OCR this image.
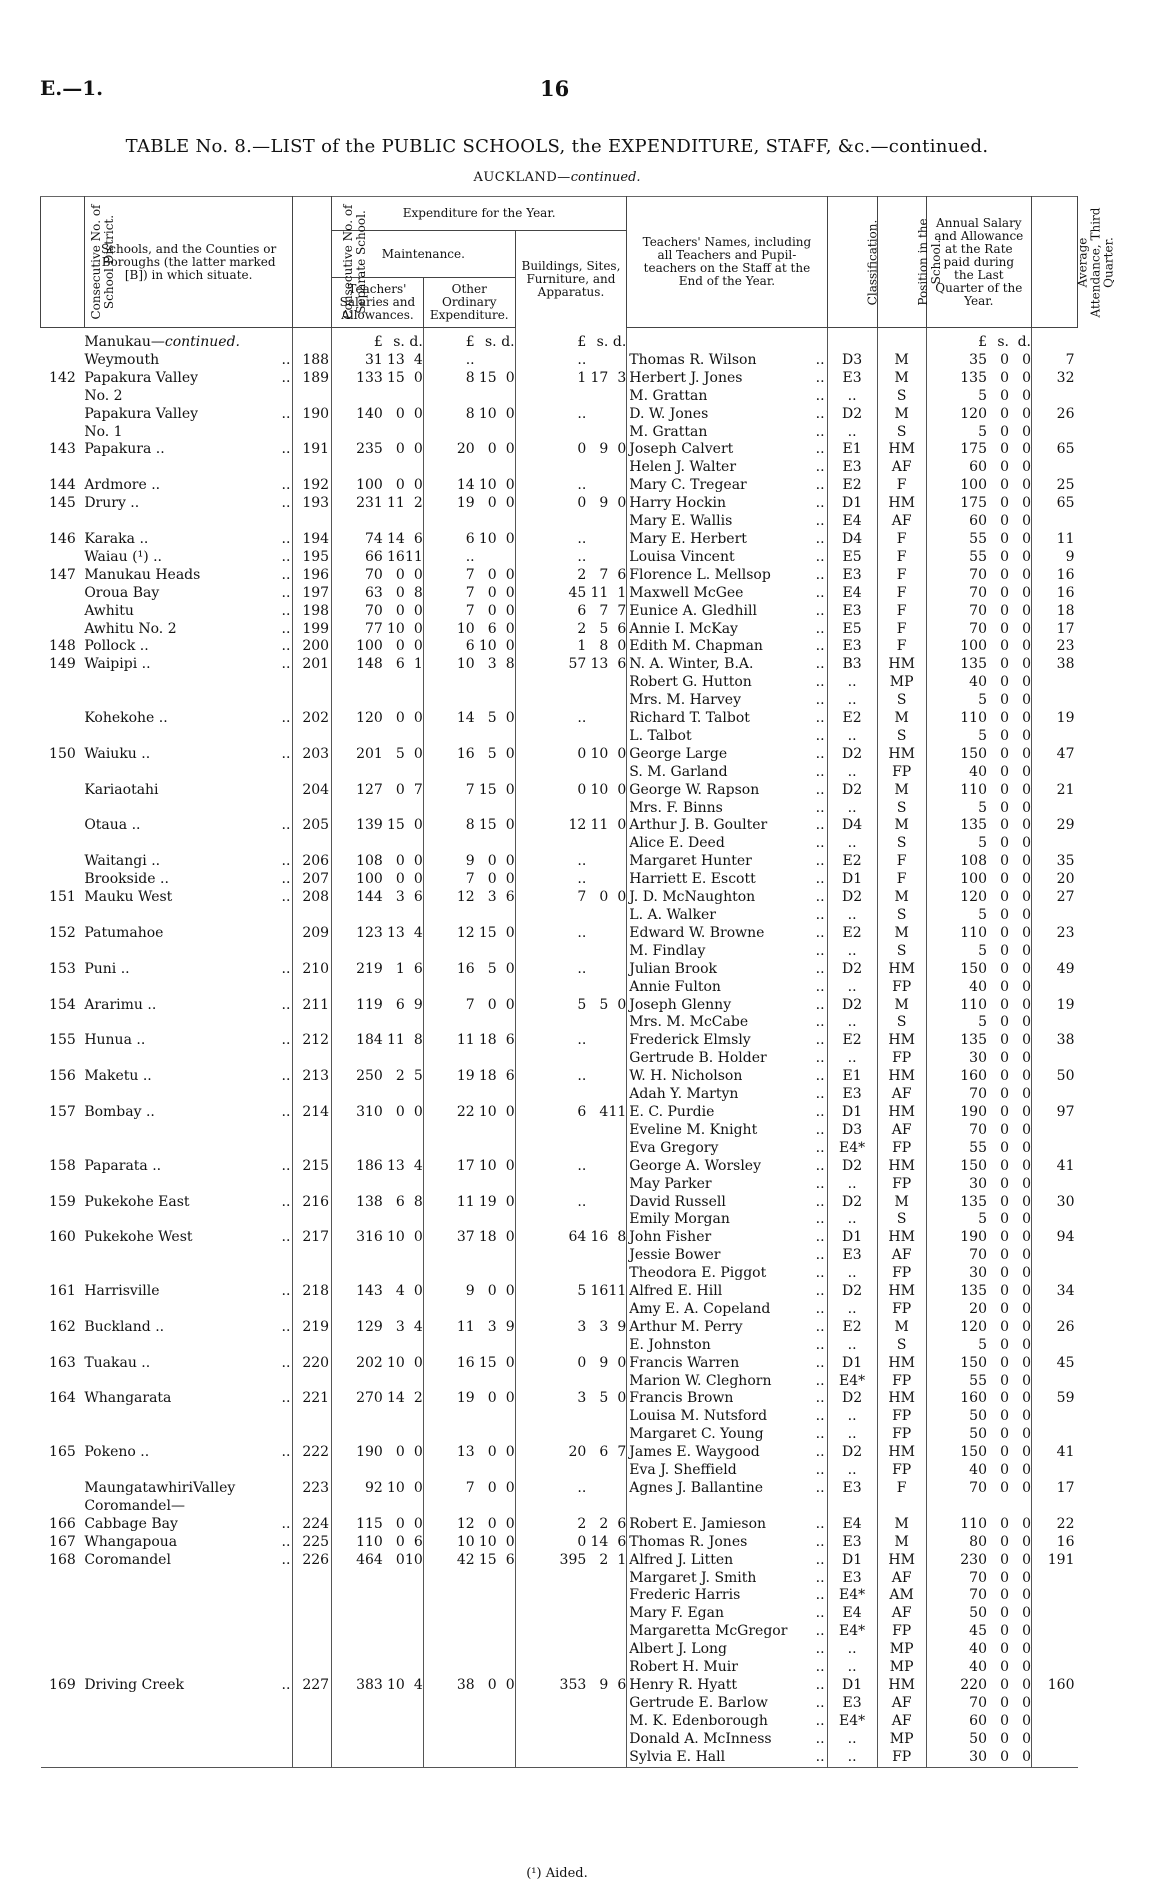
E.—1.	16
TABLE No. 8.—LIST of the PUBLIC SCHOOLS, the EXPENDITURE, STAFF, &c.—continued.
AUCKLAND—continued.
Consecutive No. of School District.	Schools, and the Counties or Boroughs (the latter marked [B]) in which situate.	Consecutive No. of Separate School.	Expenditure for the Year.			Teachers' Names, including all Teachers and Pupil-teachers on the Staff at the End of the Year.	Classification.	Position in the School.	Annual Salary and Allowance at the Rate paid during the Last Quarter of the Year.	Average Attendance, Third Quarter.
			Maintenance.		Buildings, Sites, Furniture, and Apparatus.					
			Teachers' Salaries and Allowances.	Other Ordinary Expenditure.						
	Manukau—continued.		£ s. d.	£ s. d.	£ s. d.				£ s. d.	

	Weymouth ..	188	31 13 4	..	..	Thomas R. Wilson ..	D3	M	35 0 0	7
142	Papakura Valley ..	189	133 15 0	8 15 0	1 17 3	Herbert J. Jones ..	E3	M	135 0 0	32

	No. 2					M. Grattan ..	..	S	5 0 0	

	Papakura Valley ..	190	140 0 0	8 10 0	..	D. W. Jones ..	D2	M	120 0 0	26

	No. 1					M. Grattan ..	..	S	5 0 0	

143	Papakura .. ..	191	235 0 0	20 0 0	0 9 0	Joseph Calvert ..	E1	HM	175 0 0	65

						Helen J. Walter ..	E3	AF	60 0 0	

144	Ardmore .. ..	192	100 0 0	14 10 0	..	Mary C. Tregear ..	E2	F	100 0 0	25
145	Drury .. ..	193	231 11 2	19 0 0	0 9 0	Harry Hockin ..	D1	HM	175 0 0	65

						Mary E. Wallis ..	E4	AF	60 0 0	

146	Karaka .. ..	194	74 14 6	6 10 0	..	Mary E. Herbert ..	D4	F	55 0 0	11

	Waiau (¹) .. ..	195	66 16 11	..	..	Louisa Vincent ..	E5	F	55 0 0	9
147	Manukau Heads ..	196	70 0 0	7 0 0	2 7 6	Florence L. Mellsop ..	E3	F	70 0 0	16

	Oroua Bay ..	197	63 0 8	7 0 0	45 11 1	Maxwell McGee ..	E4	F	70 0 0	16

	Awhitu ..	198	70 0 0	7 0 0	6 7 7	Eunice A. Gledhill ..	E3	F	70 0 0	18

	Awhitu No. 2 ..	199	77 10 0	10 6 0	2 5 6	Annie I. McKay ..	E5	F	70 0 0	17
148	Pollock .. ..	200	100 0 0	6 10 0	1 8 0	Edith M. Chapman ..	E3	F	100 0 0	23
149	Waipipi .. ..	201	148 6 1	10 3 8	57 13 6	N. A. Winter, B.A. ..	B3	HM	135 0 0	38

						Robert G. Hutton ..	..	MP	40 0 0	

						Mrs. M. Harvey ..	..	S	5 0 0	

	Kohekohe .. ..	202	120 0 0	14 5 0	..	Richard T. Talbot ..	E2	M	110 0 0	19

						L. Talbot ..	..	S	5 0 0	

150	Waiuku .. ..	203	201 5 0	16 5 0	0 10 0	George Large ..	D2	HM	150 0 0	47

						S. M. Garland ..	..	FP	40 0 0	

	Kariaotahi	204	127 0 7	7 15 0	0 10 0	George W. Rapson ..	D2	M	110 0 0	21

						Mrs. F. Binns ..	..	S	5 0 0	

	Otaua .. ..	205	139 15 0	8 15 0	12 11 0	Arthur J. B. Goulter ..	D4	M	135 0 0	29

						Alice E. Deed ..	..	S	5 0 0	

	Waitangi .. ..	206	108 0 0	9 0 0	..	Margaret Hunter ..	E2	F	108 0 0	35

	Brookside .. ..	207	100 0 0	7 0 0	..	Harriett E. Escott ..	D1	F	100 0 0	20
151	Mauku West ..	208	144 3 6	12 3 6	7 0 0	J. D. McNaughton ..	D2	M	120 0 0	27

						L. A. Walker ..	..	S	5 0 0	

152	Patumahoe	209	123 13 4	12 15 0	..	Edward W. Browne ..	E2	M	110 0 0	23

						M. Findlay ..	..	S	5 0 0	

153	Puni .. ..	210	219 1 6	16 5 0	..	Julian Brook ..	D2	HM	150 0 0	49

						Annie Fulton ..	..	FP	40 0 0	

154	Ararimu .. ..	211	119 6 9	7 0 0	5 5 0	Joseph Glenny ..	D2	M	110 0 0	19

						Mrs. M. McCabe ..	..	S	5 0 0	

155	Hunua .. ..	212	184 11 8	11 18 6	..	Frederick Elmsly ..	E2	HM	135 0 0	38

						Gertrude B. Holder ..	..	FP	30 0 0	

156	Maketu .. ..	213	250 2 5	19 18 6	..	W. H. Nicholson ..	E1	HM	160 0 0	50

						Adah Y. Martyn ..	E3	AF	70 0 0	

157	Bombay .. ..	214	310 0 0	22 10 0	6 4 11	E. C. Purdie ..	D1	HM	190 0 0	97

						Eveline M. Knight ..	D3	AF	70 0 0	

						Eva Gregory ..	E4*	FP	55 0 0	

158	Paparata .. ..	215	186 13 4	17 10 0	..	George A. Worsley ..	D2	HM	150 0 0	41

						May Parker ..	..	FP	30 0 0	

159	Pukekohe East ..	216	138 6 8	11 19 0	..	David Russell ..	D2	M	135 0 0	30

						Emily Morgan ..	..	S	5 0 0	

160	Pukekohe West ..	217	316 10 0	37 18 0	64 16 8	John Fisher ..	D1	HM	190 0 0	94

						Jessie Bower ..	E3	AF	70 0 0	

						Theodora E. Piggot ..	..	FP	30 0 0	

161	Harrisville ..	218	143 4 0	9 0 0	5 16 11	Alfred E. Hill ..	D2	HM	135 0 0	34

						Amy E. A. Copeland ..	..	FP	20 0 0	

162	Buckland .. ..	219	129 3 4	11 3 9	3 3 9	Arthur M. Perry ..	E2	M	120 0 0	26

						E. Johnston ..	..	S	5 0 0	

163	Tuakau .. ..	220	202 10 0	16 15 0	0 9 0	Francis Warren ..	D1	HM	150 0 0	45

						Marion W. Cleghorn ..	E4*	FP	55 0 0	

164	Whangarata ..	221	270 14 2	19 0 0	3 5 0	Francis Brown ..	D2	HM	160 0 0	59

						Louisa M. Nutsford ..	..	FP	50 0 0	

						Margaret C. Young ..	..	FP	50 0 0	

165	Pokeno .. ..	222	190 0 0	13 0 0	20 6 7	James E. Waygood ..	D2	HM	150 0 0	41

						Eva J. Sheffield ..	..	FP	40 0 0	

	MaungatawhiriValley	223	92 10 0	7 0 0	..	Agnes J. Ballantine ..	E3	F	70 0 0	17

	Coromandel—									

166	Cabbage Bay ..	224	115 0 0	12 0 0	2 2 6	Robert E. Jamieson ..	E4	M	110 0 0	22
167	Whangapoua ..	225	110 0 6	10 10 0	0 14 6	Thomas R. Jones ..	E3	M	80 0 0	16
168	Coromandel ..	226	464 0 10	42 15 6	395 2 1	Alfred J. Litten ..	D1	HM	230 0 0	191

						Margaret J. Smith ..	E3	AF	70 0 0	

						Frederic Harris ..	E4*	AM	70 0 0	

						Mary F. Egan ..	E4	AF	50 0 0	

						Margaretta McGregor ..	E4*	FP	45 0 0	

						Albert J. Long ..	..	MP	40 0 0	

						Robert H. Muir ..	..	MP	40 0 0	

169	Driving Creek ..	227	383 10 4	38 0 0	353 9 6	Henry R. Hyatt ..	D1	HM	220 0 0	160

						Gertrude E. Barlow ..	E3	AF	70 0 0	

						M. K. Edenborough ..	E4*	AF	60 0 0	

						Donald A. McInness ..	..	MP	50 0 0	

						Sylvia E. Hall ..	..	FP	30 0 0	

(¹) Aided.
